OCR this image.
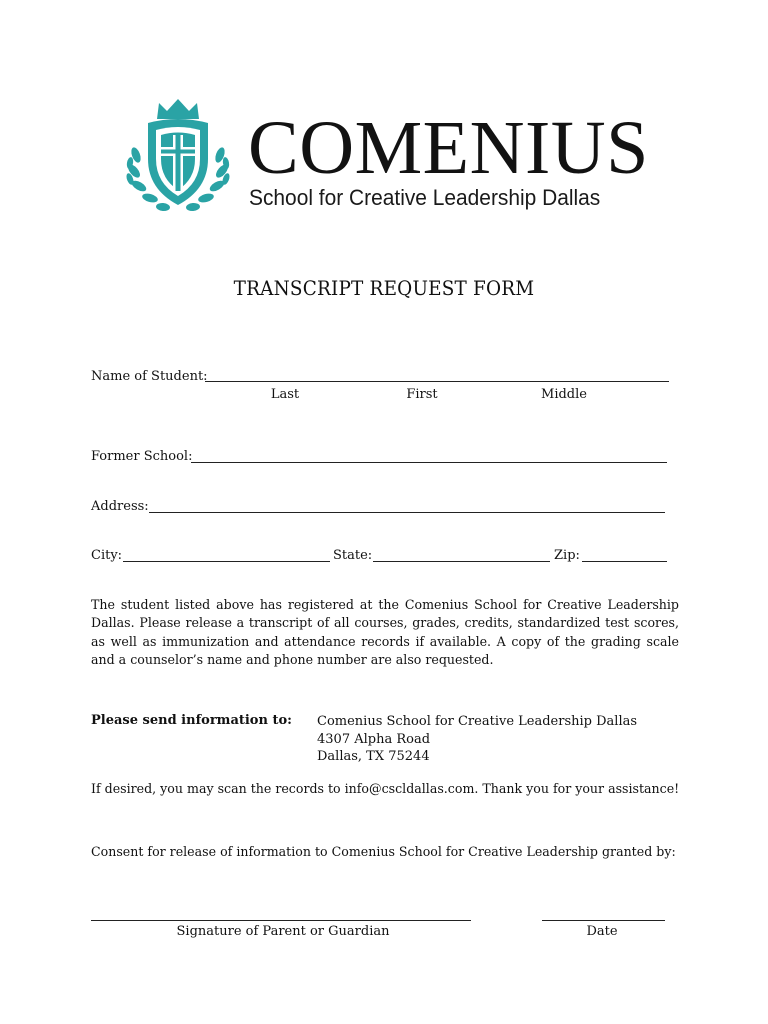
COMENIUS
School for Creative Leadership Dallas
TRANSCRIPT REQUEST FORM
Name of Student:
Last	First	Middle
Former School:
Address:
City:	State:	Zip:
The student listed above has registered at the Comenius School for Creative Leadership Dallas. Please release a transcript of all courses, grades, credits, standardized test scores, as well as immunization and attendance records if available. A copy of the grading scale and a counselor’s name and phone number are also requested.
Please send information to: Comenius School for Creative Leadership Dallas
4307 Alpha Road
Dallas, TX 75244
If desired, you may scan the records to info@cscldallas.com. Thank you for your assistance!
Consent for release of information to Comenius School for Creative Leadership granted by:
Signature of Parent or Guardian	Date
